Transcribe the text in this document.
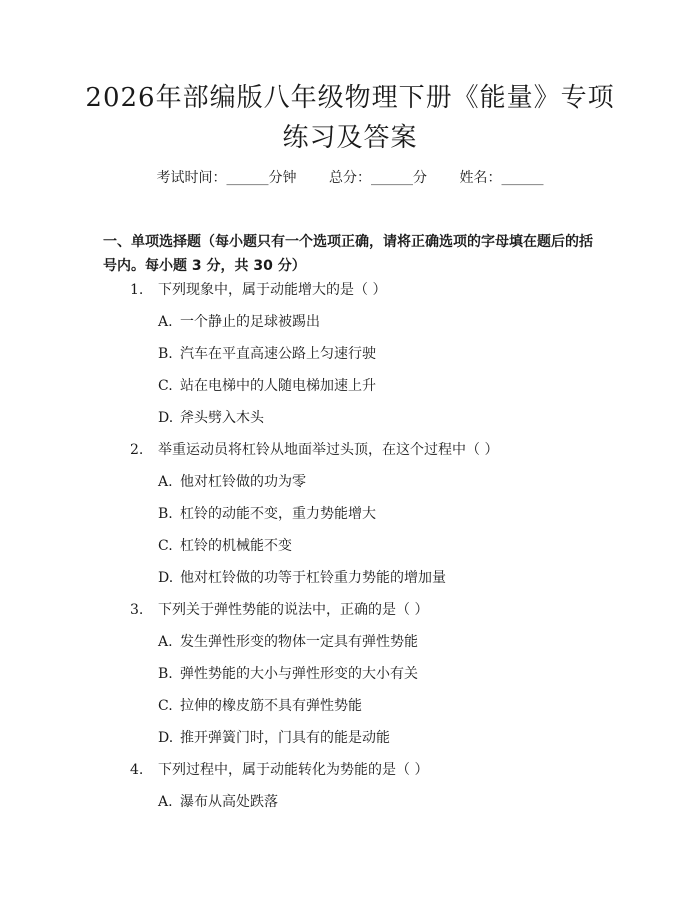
2026年部编版八年级物理下册《能量》专项
练习及答案
考试时间：______分钟 总分：______分 姓名：______
一、单项选择题（每小题只有一个选项正确，请将正确选项的字母填在题后的括号内。每小题 3 分，共 30 分）
1. 下列现象中，属于动能增大的是（ ）
A. 一个静止的足球被踢出
B. 汽车在平直高速公路上匀速行驶
C. 站在电梯中的人随电梯加速上升
D. 斧头劈入木头
2. 举重运动员将杠铃从地面举过头顶，在这个过程中（ ）
A. 他对杠铃做的功为零
B. 杠铃的动能不变，重力势能增大
C. 杠铃的机械能不变
D. 他对杠铃做的功等于杠铃重力势能的增加量
3. 下列关于弹性势能的说法中，正确的是（ ）
A. 发生弹性形变的物体一定具有弹性势能
B. 弹性势能的大小与弹性形变的大小有关
C. 拉伸的橡皮筋不具有弹性势能
D. 推开弹簧门时，门具有的能是动能
4. 下列过程中，属于动能转化为势能的是（ ）
A. 瀑布从高处跌落
